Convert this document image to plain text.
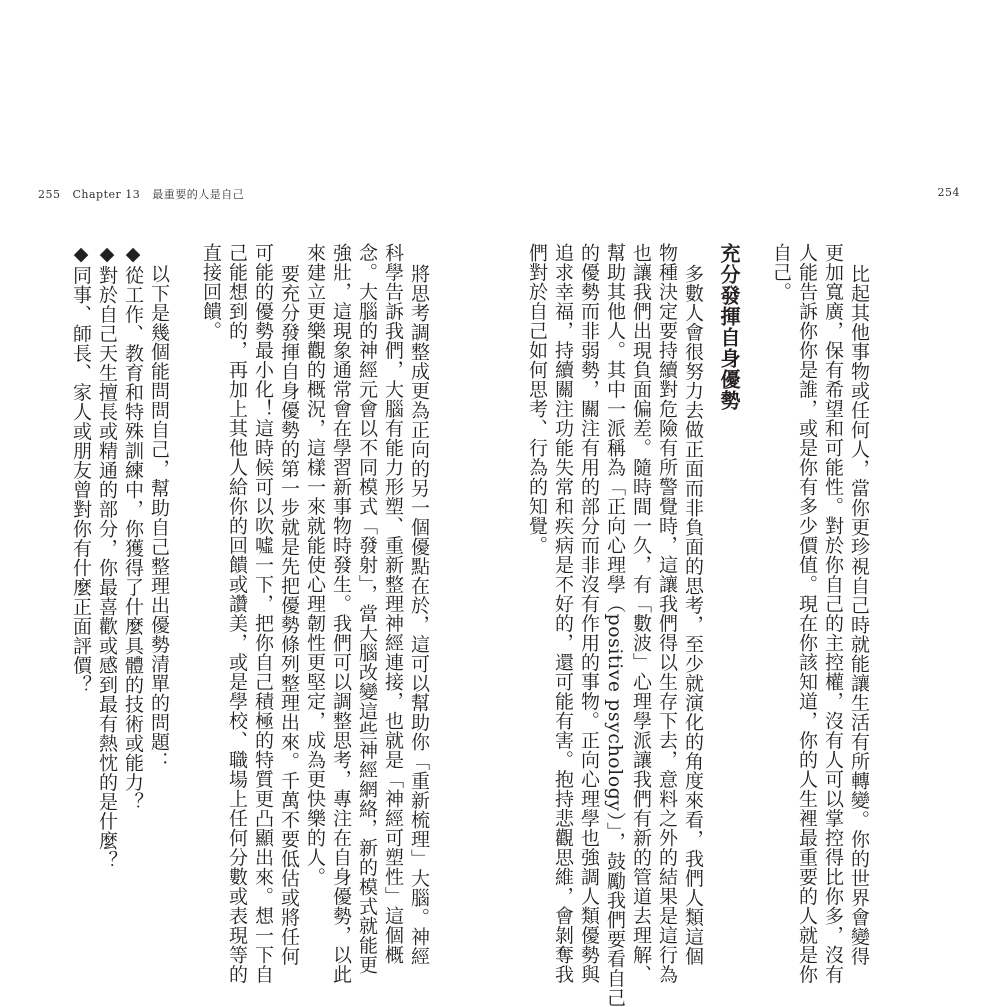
255 Chapter 13 最重要的人是自己	254

比起其他事物或任何人，當你更珍視自己時就能讓生活有所轉變。你的世界會變得

更加寬廣，保有希望和可能性。對於你自己的主控權，沒有人可以掌控得比你多，沒有

人能告訴你你是誰，或是你有多少價值。現在你該知道，你的人生裡最重要的人就是你

自己。

充分發揮自身優勢

多數人會很努力去做正面而非負面的思考，至少就演化的角度來看，我們人類這個

物種決定要持續對危險有所警覺時，這讓我們得以生存下去，意料之外的結果是這行為

也讓我們出現負面偏差。隨時間一久，有「數波」心理學派讓我們有新的管道去理解、

幫助其他人。其中一派稱為「正向心理學（positive psychology）」，鼓勵我們要看自己

的優勢而非弱勢，關注有用的部分而非沒有作用的事物。正向心理學也強調人類優勢與

追求幸福，持續關注功能失常和疾病是不好的，還可能有害。抱持悲觀思維，會剝奪我

們對於自己如何思考、行為的知覺。

將思考調整成更為正向的另一個優點在於，這可以幫助你「重新梳理」大腦。神經

科學告訴我們，大腦有能力形塑、重新整理神經連接，也就是「神經可塑性」這個概

念。大腦的神經元會以不同模式「發射」，當大腦改變這些神經網絡，新的模式就能更

強壯，這現象通常會在學習新事物時發生。我們可以調整思考，專注在自身優勢，以此

來建立更樂觀的概況，這樣一來就能使心理韌性更堅定，成為更快樂的人。

要充分發揮自身優勢的第一步就是先把優勢條列整理出來。千萬不要低估或將任何

可能的優勢最小化！這時候可以吹噓一下，把你自己積極的特質更凸顯出來。想一下自

己能想到的，再加上其他人給你的回饋或讚美，或是學校、職場上任何分數或表現等的

直接回饋。

以下是幾個能問問自己，幫助自己整理出優勢清單的問題：

◆從工作、教育和特殊訓練中，你獲得了什麼具體的技術或能力？

◆對於自己天生擅長或精通的部分，你最喜歡或感到最有熱忱的是什麼？

◆同事、師長、家人或朋友曾對你有什麼正面評價？
